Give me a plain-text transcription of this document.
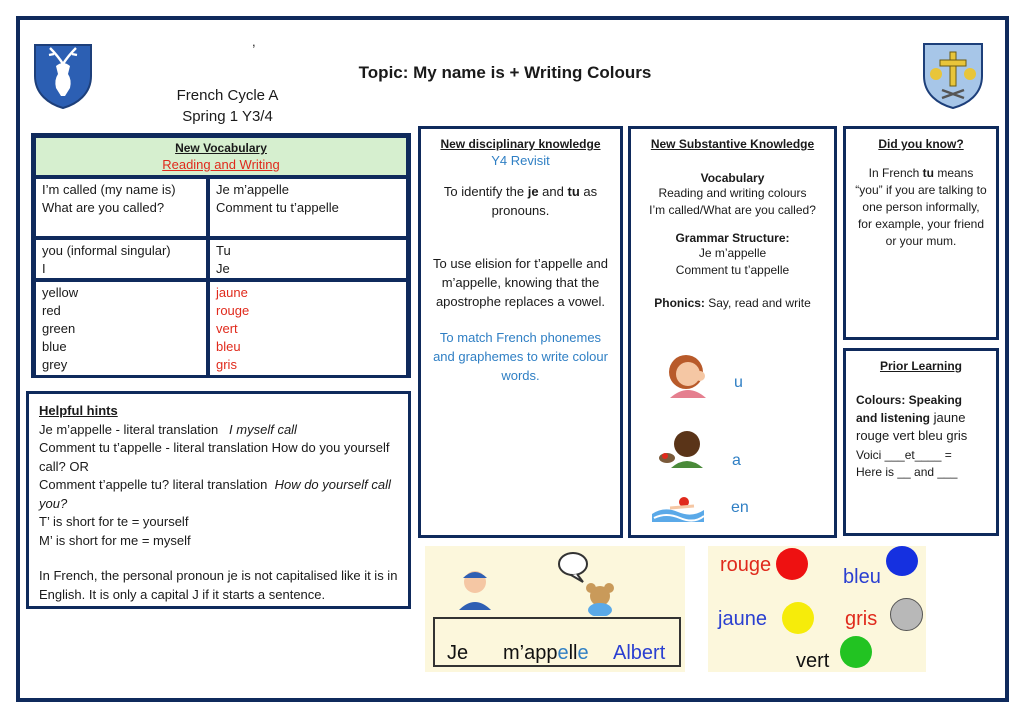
,
Topic: My name is + Writing Colours
French Cycle A
Spring 1 Y3/4
New Vocabulary
Reading and Writing
I’m called (my name is)
What are you called?
Je m’appelle
Comment tu t’appelle
you (informal singular)
I
Tu
Je
yellow
red
green
blue
grey
jaune
rouge
vert
bleu
gris

Helpful hints

Je m’appelle - literal translation I myself call

Comment tu t’appelle - literal translation How do you yourself call? OR

Comment t’appelle tu? literal translation How do yourself call you?

T’ is short for te = yourself

M’ is short for me = myself

In French, the personal pronoun je is not capitalised like it is in English. It is only a capital J if it starts a sentence.

New disciplinary knowledge
Y4 Revisit
To identify the je and tu as pronouns.
To use elision for t’appelle and m’appelle, knowing that the apostrophe replaces a vowel.
To match French phonemes and graphemes to write colour words.
New Substantive Knowledge
Vocabulary
Reading and writing colours
I’m called/What are you called?
Grammar Structure:
Je m’appelle
Comment tu t’appelle
Phonics: Say, read and write
u
a
en
Did you know?
In French tu means “you” if you are talking to one person informally, for example, your friend or your mum.
Prior Learning
Colours: Speaking and listening jaune rouge vert bleu gris
Voici ___et____ =
Here is __ and ___
Je m’appelle Albert
rouge
bleu
jaune	gris
vert
